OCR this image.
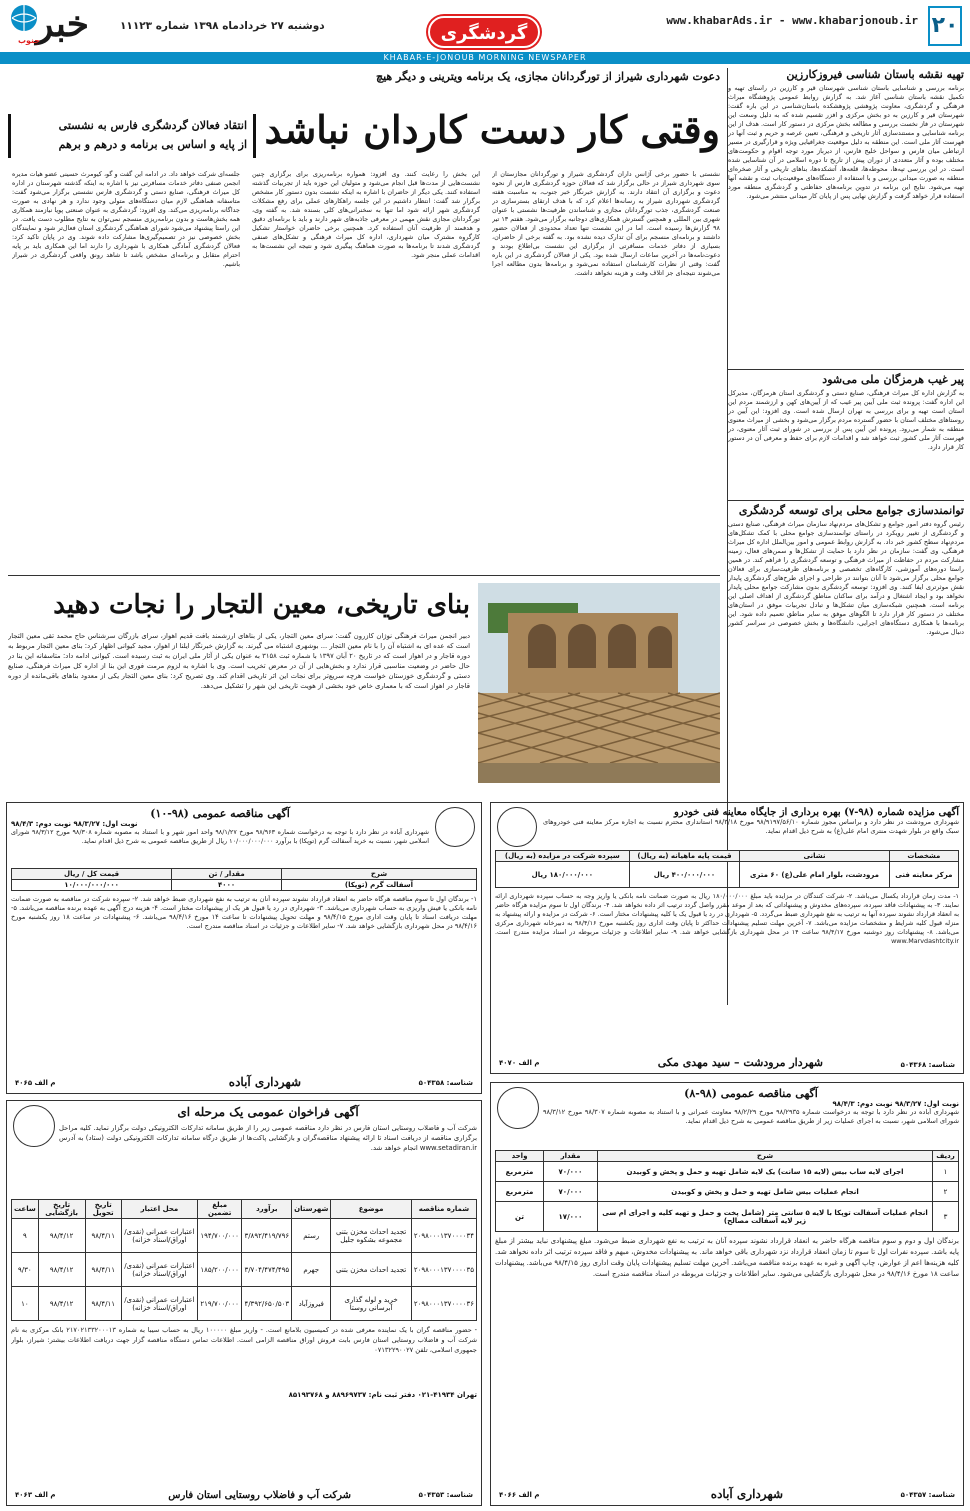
۲۰
www.khabarAds.ir - www.khabarjonoub.ir
گردشگری
دوشنبه ۲۷ خردادماه ۱۳۹۸ شماره ۱۱۱۲۳
خبر
جنوب
KHABAR-E-JONOUB MORNING NEWSPAPER
تهیه نقشه باستان شناسی فیروزکارزین
برنامه بررسی و شناسایی باستان شناسی شهرستان قیر و کارزین در راستای تهیه و تکمیل نقشه باستان شناسی آغاز شد. به گزارش روابط عمومی پژوهشگاه میراث فرهنگی و گردشگری، معاونت پژوهشی پژوهشکده باستان‌شناسی در این باره گفت: شهرستان قیر و کارزین به دو بخش مرکزی و افزر تقسیم شده که به دلیل وسعت این شهرستان در فاز نخست بررسی و مطالعه بخش مرکزی در دستور کار است. هدف از این برنامه شناسایی و مستندسازی آثار تاریخی و فرهنگی، تعیین عرصه و حریم و ثبت آنها در فهرست آثار ملی است. این منطقه به دلیل موقعیت جغرافیایی ویژه و قرارگیری در مسیر ارتباطی میان فارس و سواحل خلیج فارس، از دیرباز مورد توجه اقوام و حکومت‌های مختلف بوده و آثار متعددی از دوران پیش از تاریخ تا دوره اسلامی در آن شناسایی شده است. در این بررسی تپه‌ها، محوطه‌ها، قلعه‌ها، آتشکده‌ها، بناهای تاریخی و آثار صخره‌ای منطقه به صورت میدانی بررسی و با استفاده از دستگاه‌های موقعیت‌یاب ثبت و نقشه آنها تهیه می‌شود. نتایج این برنامه در تدوین برنامه‌های حفاظتی و گردشگری منطقه مورد استفاده قرار خواهد گرفت و گزارش نهایی پس از پایان کار میدانی منتشر می‌شود.
پیر غیب هرمزگان ملی می‌شود
به گزارش اداره کل میراث فرهنگی، صنایع دستی و گردشگری استان هرمزگان، مدیرکل این اداره گفت: پرونده ثبت ملی آیین پیر غیب که از آیین‌های کهن و ارزشمند مردم این استان است تهیه و برای بررسی به تهران ارسال شده است. وی افزود: این آیین در روستاهای مختلف استان با حضور گسترده مردم برگزار می‌شود و بخشی از میراث معنوی منطقه به شمار می‌رود. پرونده این آیین پس از بررسی در شورای ثبت آثار معنوی، در فهرست آثار ملی کشور ثبت خواهد شد و اقدامات لازم برای حفظ و معرفی آن در دستور کار قرار دارد.
توانمندسازی جوامع محلی برای توسعه گردشگری
رئیس گروه دفتر امور جوامع و تشکل‌های مردم‌نهاد سازمان میراث فرهنگی، صنایع دستی و گردشگری از تغییر رویکرد در راستای توانمندسازی جوامع محلی با کمک تشکل‌های مردم‌نهاد سطح کشور خبر داد. به گزارش روابط عمومی و امور بین‌الملل اداره کل میراث فرهنگی، وی گفت: سازمان در نظر دارد با حمایت از تشکل‌ها و سمن‌های فعال، زمینه مشارکت مردم در حفاظت از میراث فرهنگی و توسعه گردشگری را فراهم کند. در همین راستا دوره‌های آموزشی، کارگاه‌های تخصصی و برنامه‌های ظرفیت‌سازی برای فعالان جوامع محلی برگزار می‌شود تا آنان بتوانند در طراحی و اجرای طرح‌های گردشگری پایدار نقش موثرتری ایفا کنند. وی افزود: توسعه گردشگری بدون مشارکت جوامع محلی پایدار نخواهد بود و ایجاد اشتغال و درآمد برای ساکنان مناطق گردشگری از اهداف اصلی این برنامه است. همچنین شبکه‌سازی میان تشکل‌ها و تبادل تجربیات موفق در استان‌های مختلف در دستور کار قرار دارد تا الگوهای موفق به سایر مناطق تعمیم داده شود. این برنامه‌ها با همکاری دستگاه‌های اجرایی، دانشگاه‌ها و بخش خصوصی در سراسر کشور دنبال می‌شود.
دعوت شهرداری شیراز از تورگردانان مجازی، یک برنامه ویترینی و دیگر هیچ
وقتی کار دست کاردان نباشد
انتقاد فعالان گردشگری فارس به نشستی
از پایه و اساس بی برنامه و درهم و برهم
نشستی با حضور برخی آژانس داران گردشگری شیراز و تورگردانان مجازستان از سوی شهرداری شیراز در حالی برگزار شد که فعالان حوزه گردشگری فارس از نحوه دعوت و برگزاری آن انتقاد دارند. به گزارش خبرنگار خبر جنوب، به مناسبت هفته گردشگری شهرداری شیراز به رسانه‌ها اعلام کرد که با هدف ارتقای بسترسازی در صنعت گردشگری، جذب تورگردانان مجازی و شناساندن ظرفیت‌ها نشستی با عنوان شهری بین المللی و همچنین گسترش همکاری‌های دوجانبه برگزار می‌شود. هفتم ۱۳ تیر ۹۸ گزارش‌ها رسیده است. اما در این نشست تنها تعداد محدودی از فعالان حضور داشتند و برنامه‌ای منسجم برای آن تدارک دیده نشده بود. به گفته برخی از حاضران، بسیاری از دفاتر خدمات مسافرتی از برگزاری این نشست بی‌اطلاع بودند و دعوت‌نامه‌ها در آخرین ساعات ارسال شده بود. یکی از فعالان گردشگری در این باره گفت: وقتی از نظرات کارشناسان استفاده نمی‌شود و برنامه‌ها بدون مطالعه اجرا می‌شوند نتیجه‌ای جز اتلاف وقت و هزینه نخواهد داشت.
این بخش را رعایت کنند. وی افزود: همواره برنامه‌ریزی برای برگزاری چنین نشست‌هایی از مدت‌ها قبل انجام می‌شود و متولیان این حوزه باید از تجربیات گذشته استفاده کنند. یکی دیگر از حاضران با اشاره به اینکه نشست بدون دستور کار مشخص برگزار شد گفت: انتظار داشتیم در این جلسه راهکارهای عملی برای رفع مشکلات گردشگری شهر ارائه شود اما تنها به سخنرانی‌های کلی بسنده شد. به گفته وی، تورگردانان مجازی نقش مهمی در معرفی جاذبه‌های شهر دارند و باید با برنامه‌ای دقیق و هدفمند از ظرفیت آنان استفاده کرد. همچنین برخی حاضران خواستار تشکیل کارگروه مشترک میان شهرداری، اداره کل میراث فرهنگی و تشکل‌های صنفی گردشگری شدند تا برنامه‌ها به صورت هماهنگ پیگیری شود و نتیجه این نشست‌ها به اقدامات عملی منجر شود.
جلسه‌ای شرکت خواهد داد. در ادامه این گفت و گو، کیومرث حسینی عضو هیات مدیره انجمن صنفی دفاتر خدمات مسافرتی نیز با اشاره به اینکه گذشته شهرستان در اداره کل میراث فرهنگی، صنایع دستی و گردشگری فارس نشستی برگزار می‌شود گفت: متاسفانه هماهنگی لازم میان دستگاه‌های متولی وجود ندارد و هر نهادی به صورت جداگانه برنامه‌ریزی می‌کند. وی افزود: گردشگری به عنوان صنعتی پویا نیازمند همکاری همه بخش‌هاست و بدون برنامه‌ریزی منسجم نمی‌توان به نتایج مطلوب دست یافت. در این راستا پیشنهاد می‌شود شورای هماهنگی گردشگری استان فعال‌تر شود و نمایندگان بخش خصوصی نیز در تصمیم‌گیری‌ها مشارکت داده شوند. وی در پایان تاکید کرد: فعالان گردشگری آمادگی همکاری با شهرداری را دارند اما این همکاری باید بر پایه احترام متقابل و برنامه‌ای مشخص باشد تا شاهد رونق واقعی گردشگری در شیراز باشیم.
بنای تاریخی، معین التجار را نجات دهید
دبیر انجمن میراث فرهنگی نوژان کازرون گفت: سرای معین التجار، یکی از بناهای ارزشمند بافت قدیم اهواز، سرای بازرگان سرشناس حاج محمد تقی معین التجار است که عده ای به اشتباه آن را با نام معین التجار ... بوشهری اشتباه می گیرند. به گزارش خبرنگار ایلنا از اهواز، مجید کیوانی اظهار کرد: بنای معین التجار مربوط به دوره قاجار و در اهواز است که در تاریخ ۲۰ آبان ۱۳۹۷ با شماره ثبت ۳۱۵۸ به عنوان یکی از آثار ملی ایران به ثبت رسیده است. کیوانی ادامه داد: متاسفانه این بنا در حال حاضر در وضعیت مناسبی قرار ندارد و بخش‌هایی از آن در معرض تخریب است. وی با اشاره به لزوم مرمت فوری این بنا از اداره کل میراث فرهنگی، صنایع دستی و گردشگری خوزستان خواست هرچه سریع‌تر برای نجات این اثر تاریخی اقدام کند. وی تصریح کرد: بنای معین التجار یکی از معدود بناهای باقی‌مانده از دوره قاجار در اهواز است که با معماری خاص خود بخشی از هویت تاریخی این شهر را تشکیل می‌دهد.
آگهی مزایده شماره (۹۸-۷) بهره برداری از جایگاه معاینه فنی خودرو
شهرداری مرودشت در نظر دارد و براساس مجوز شماره ۹۸/۹۱۹۷/۵۶/۱۰ مورخ ۹۸/۳/۱۸ استانداری محترم نسبت به اجاره مرکز معاینه فنی خودروهای سبک واقع در بلوار شهدت منتری امام علی(ع) به شرح ذیل اقدام نماید.
مشخصات	نشانی	قیمت پایه ماهیانه (به ریال)	سپرده شرکت در مزایده (به ریال)
مرکز معاینه فنی	مرودشت، بلوار امام علی(ع) ۶۰ متری	۴۰۰/۰۰۰/۰۰۰ ریال	۱۸۰/۰۰۰/۰۰۰ ریال
۱- مدت زمان قرارداد یکسال می‌باشد. ۲- شرکت کنندگان در مزایده باید مبلغ ۱۸۰/۰۰۰/۰۰۰ ریال به صورت ضمانت نامه بانکی یا واریز وجه به حساب سپرده شهرداری ارائه نمایند. ۳- به پیشنهادات فاقد سپرده، سپرده‌های مخدوش و پیشنهاداتی که بعد از موعد مقرر واصل گردد ترتیب اثر داده نخواهد شد. ۴- برندگان اول تا سوم مزایده هرگاه حاضر به انعقاد قرارداد نشوند سپرده آنها به ترتیب به نفع شهرداری ضبط می‌گردد. ۵- شهرداری در رد یا قبول یک یا کلیه پیشنهادات مختار است. ۶- شرکت در مزایده و ارائه پیشنهاد به منزله قبول کلیه شرایط و مشخصات مزایده می‌باشد. ۷- آخرین مهلت تسلیم پیشنهادات حداکثر تا پایان وقت اداری روز یکشنبه مورخ ۹۸/۴/۱۶ به دبیرخانه شهرداری مرکزی می‌باشد. ۸- پیشنهادات روز دوشنبه مورخ ۹۸/۴/۱۷ ساعت ۱۴ در محل شهرداری بازگشایی خواهد شد. ۹- سایر اطلاعات و جزئیات مربوطه در اسناد مزایده مندرج است. www.Marvdashtcity.ir
م الف ۴۰۷۰	شهردار مرودشت – سید مهدی مکی	شناسه: ۵۰۴۳۶۸
آگهی مناقصه عمومی (۹۸-۱۰)
نوبت اول: ۹۸/۳/۲۷ نوبت دوم: ۹۸/۴/۳
شهرداری آباده در نظر دارد با توجه به درخواست شماره ۹۸/۹۶۳ مورخ ۹۸/۱/۲۷ واحد امور شهر و با استناد به مصوبه شماره ۹۸/۳۰۸ مورخ ۹۸/۳/۱۲ شورای اسلامی شهر، نسبت به خرید آسفالت گرم (توپکا) با برآورد ۱۰/۰۰۰/۰۰۰/۰۰۰ ریال از طریق مناقصه عمومی به شرح ذیل اقدام نماید.
شرح	مقدار / تن	قیمت کل / ریال
آسفالت گرم (توپکا)	۴۰۰۰	۱۰/۰۰۰/۰۰۰/۰۰۰
۱- برندگان اول تا سوم مناقصه هرگاه حاضر به انعقاد قرارداد نشوند سپرده آنان به ترتیب به نفع شهرداری ضبط خواهد شد. ۲- سپرده شرکت در مناقصه به صورت ضمانت نامه بانکی یا فیش واریزی به حساب شهرداری می‌باشد. ۳- شهرداری در رد یا قبول هر یک از پیشنهادات مختار است. ۴- هزینه درج آگهی به عهده برنده مناقصه می‌باشد. ۵- مهلت دریافت اسناد تا پایان وقت اداری مورخ ۹۸/۴/۱۵ و مهلت تحویل پیشنهادات تا ساعت ۱۴ مورخ ۹۸/۴/۱۶ می‌باشد. ۶- پیشنهادات در ساعت ۱۸ روز یکشنبه مورخ ۹۸/۴/۱۶ در محل شهرداری بازگشایی خواهد شد. ۷- سایر اطلاعات و جزئیات در اسناد مناقصه مندرج است.
م الف ۴۰۶۵	شهرداری آباده	شناسه: ۵۰۴۳۵۸
آگهی مناقصه عمومی (۹۸-۸)
نوبت اول: ۹۸/۳/۲۷ نوبت دوم: ۹۸/۴/۳
شهرداری آباده در نظر دارد با توجه به درخواست شماره ۹۸/۲۹۳۵ مورخ ۹۸/۲/۲۹ معاونت عمرانی و با استناد به مصوبه شماره ۹۸/۳۰۷ مورخ ۹۸/۳/۱۲ شورای اسلامی شهر، نسبت به اجرای عملیات زیر از طریق مناقصه عمومی به شرح ذیل اقدام نماید.
ردیف	شرح	مقدار	واحد
۱	اجرای لایه ساب بیس (لایه ۱۵ سانت) یک لایه شامل تهیه و حمل و پخش و کوبیدن	۷۰/۰۰۰	مترمربع
۲	انجام عملیات بیس شامل تهیه و حمل و پخش و کوبیدن	۷۰/۰۰۰	مترمربع
۳	انجام عملیات آسفالت توپکا با لایه ۵ سانتی متر (شامل پخت و حمل و تهیه کلیه و اجرای ام سی زیر لایه آسفالت مصالح)	۱۷/۰۰۰	تن
برندگان اول و دوم و سوم مناقصه هرگاه حاضر به انعقاد قرارداد نشوند سپرده آنان به ترتیب به نفع شهرداری ضبط می‌شود. مبلغ پیشنهادی نباید بیشتر از مبلغ پایه باشد. سپرده نفرات اول تا سوم تا زمان انعقاد قرارداد نزد شهرداری باقی خواهد ماند. به پیشنهادات مخدوش، مبهم و فاقد سپرده ترتیب اثر داده نخواهد شد. کلیه هزینه‌ها اعم از عوارض، چاپ آگهی و غیره به عهده برنده مناقصه می‌باشد. آخرین مهلت تسلیم پیشنهادات پایان وقت اداری روز ۹۸/۴/۱۵ می‌باشد. پیشنهادات ساعت ۱۸ مورخ ۹۸/۴/۱۶ در محل شهرداری بازگشایی می‌شود. سایر اطلاعات و جزئیات مربوطه در اسناد مناقصه مندرج است.
م الف ۴۰۶۶	شهرداری آباده	شناسه: ۵۰۴۳۵۷
آگهی فراخوان عمومی یک مرحله ای
شرکت آب و فاضلاب روستایی استان فارس در نظر دارد مناقصه عمومی زیر را از طریق سامانه تدارکات الکترونیکی دولت برگزار نماید. کلیه مراحل برگزاری مناقصه از دریافت اسناد تا ارائه پیشنهاد مناقصه‌گران و بازگشایی پاکت‌ها از طریق درگاه سامانه تدارکات الکترونیکی دولت (ستاد) به آدرس www.setadiran.ir انجام خواهد شد.
شماره مناقصه	موضوع	شهرستان	برآورد	مبلغ تضمین	محل اعتبار	تاریخ تحویل	تاریخ بازگشایی	ساعت
۲۰۹۸۰۰۰۱۳۷۰۰۰۰۳۴	تجدید احداث مخزن بتنی مجموعه بشکوه جلیل	رستم	۳/۸۹۲/۴۱۹/۷۹۶	۱۹۴/۷۰۰/۰۰۰	اعتبارات عمرانی (نقدی/اوراق/اسناد خزانه)	۹۸/۴/۱۱	۹۸/۴/۱۲	۹
۲۰۹۸۰۰۰۱۳۷۰۰۰۰۳۵	تجدید احداث مخزن بتنی	جهرم	۳/۷۰۴/۴۷۴/۴۹۵	۱۸۵/۲۰۰/۰۰۰	اعتبارات عمرانی (نقدی/اوراق/اسناد خزانه)	۹۸/۴/۱۱	۹۸/۴/۱۲	۹/۳۰
۲۰۹۸۰۰۰۱۳۷۰۰۰۰۳۶	خرید و لوله گذاری آبرسانی روستا	فیروزآباد	۴/۳۹۲/۶۵۰/۵۰۳	۲۱۹/۷۰۰/۰۰۰	اعتبارات عمرانی (نقدی/اوراق/اسناد خزانه)	۹۸/۴/۱۱	۹۸/۴/۱۲	۱۰
- حضور مناقصه گران با یک نماینده معرفی شده در کمیسیون بلامانع است. - واریز مبلغ ۱۰۰۰۰۰ ریال به حساب سیبا به شماره ۲۱۷۰۲۱۳۳۲۰۰۰۱۳ بانک مرکزی به نام شرکت آب و فاضلاب روستایی استان فارس بابت فروش اوراق مناقصه الزامی است. اطلاعات تماس دستگاه مناقصه گزار جهت دریافت اطلاعات بیشتر: شیراز، بلوار جمهوری اسلامی، تلفن ۰۷۱۳۲۲۹۰۰۲۷
تهران ۴۱۹۳۴-۰۲۱ دفتر ثبت نام: ۸۸۹۶۹۷۳۷ و ۸۵۱۹۳۷۶۸
م الف ۴۰۶۳	شرکت آب و فاضلاب روستایی استان فارس	شناسه: ۵۰۴۳۵۳
